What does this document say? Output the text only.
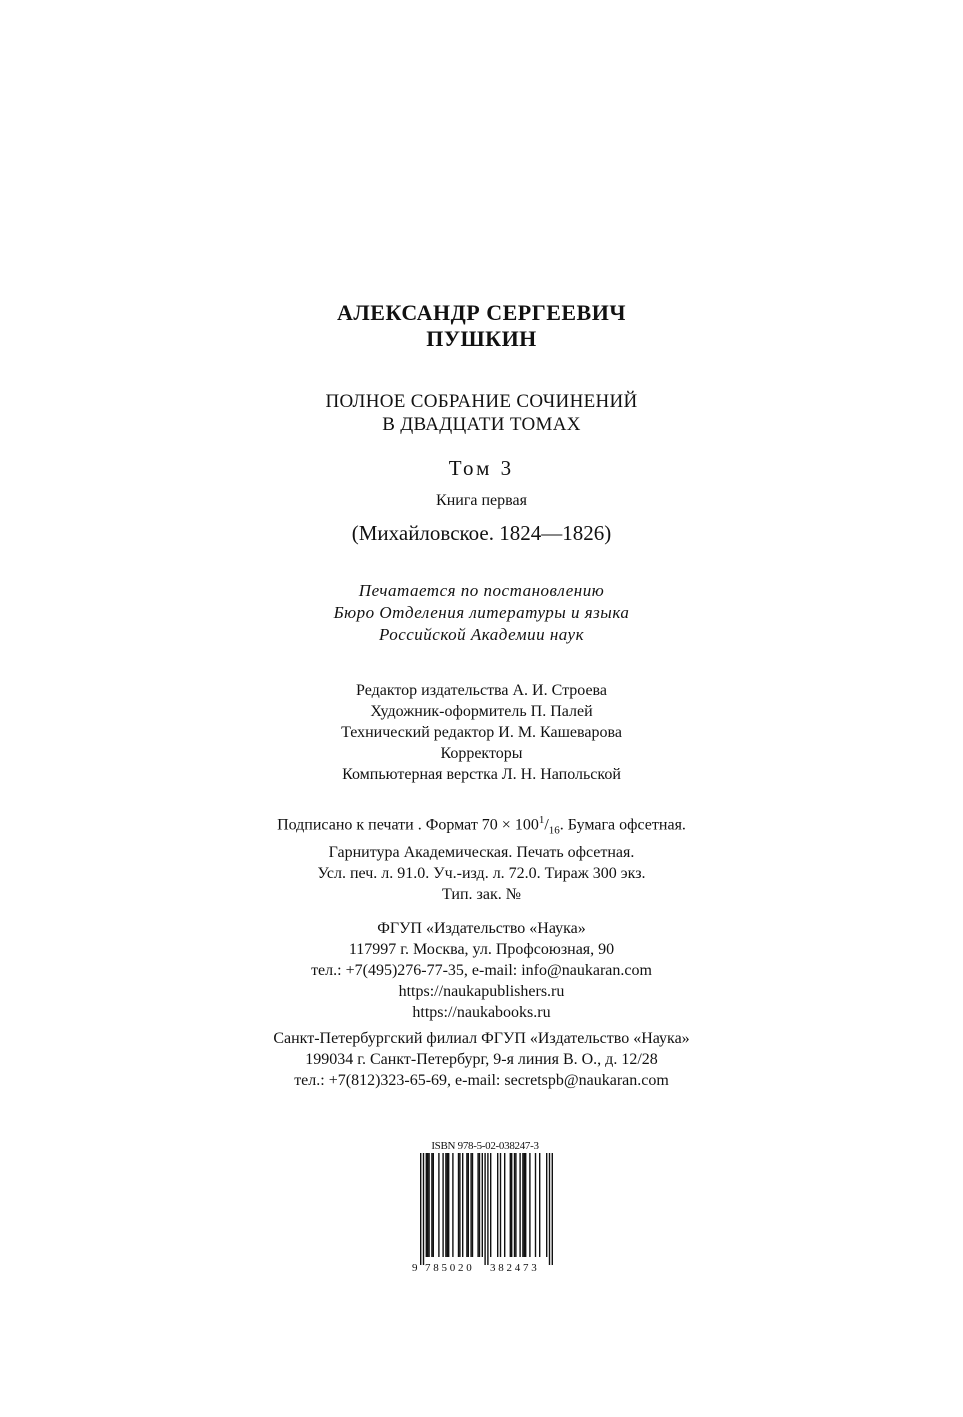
АЛЕКСАНДР СЕРГЕЕВИЧ
ПУШКИН
ПОЛНОЕ СОБРАНИЕ СОЧИНЕНИЙ
В ДВАДЦАТИ ТОМАХ
Том 3
Книга первая
(Михайловское. 1824—1826)
Печатается по постановлению
Бюро Отделения литературы и языка
Российской Академии наук
Редактор издательства А. И. Строева
Художник-оформитель П. Палей
Технический редактор И. М. Кашеварова
Корректоры
Компьютерная верстка Л. Н. Напольской
Подписано к печати . Формат $70 \times 100^1/_{16}$. Бумага офсетная.
Гарнитура Академическая. Печать офсетная.
Усл. печ. л. 91.0. Уч.-изд. л. 72.0. Тираж 300 экз.
Тип. зак. №
ФГУП «Издательство «Наука»
117997 г. Москва, ул. Профсоюзная, 90
тел.: +7(495)276-77-35, e-mail: info@naukaran.com
https://naukapublishers.ru
https://naukabooks.ru
Санкт-Петербургский филиал ФГУП «Издательство «Наука»
199034 г. Санкт-Петербург, 9-я линия В. О., д. 12/28
тел.: +7(812)323-65-69, e-mail: secretspb@naukaran.com
ISBN 978-5-02-038247-3
9 7 8 5 0 2 0 3 8 2 4 7 3
